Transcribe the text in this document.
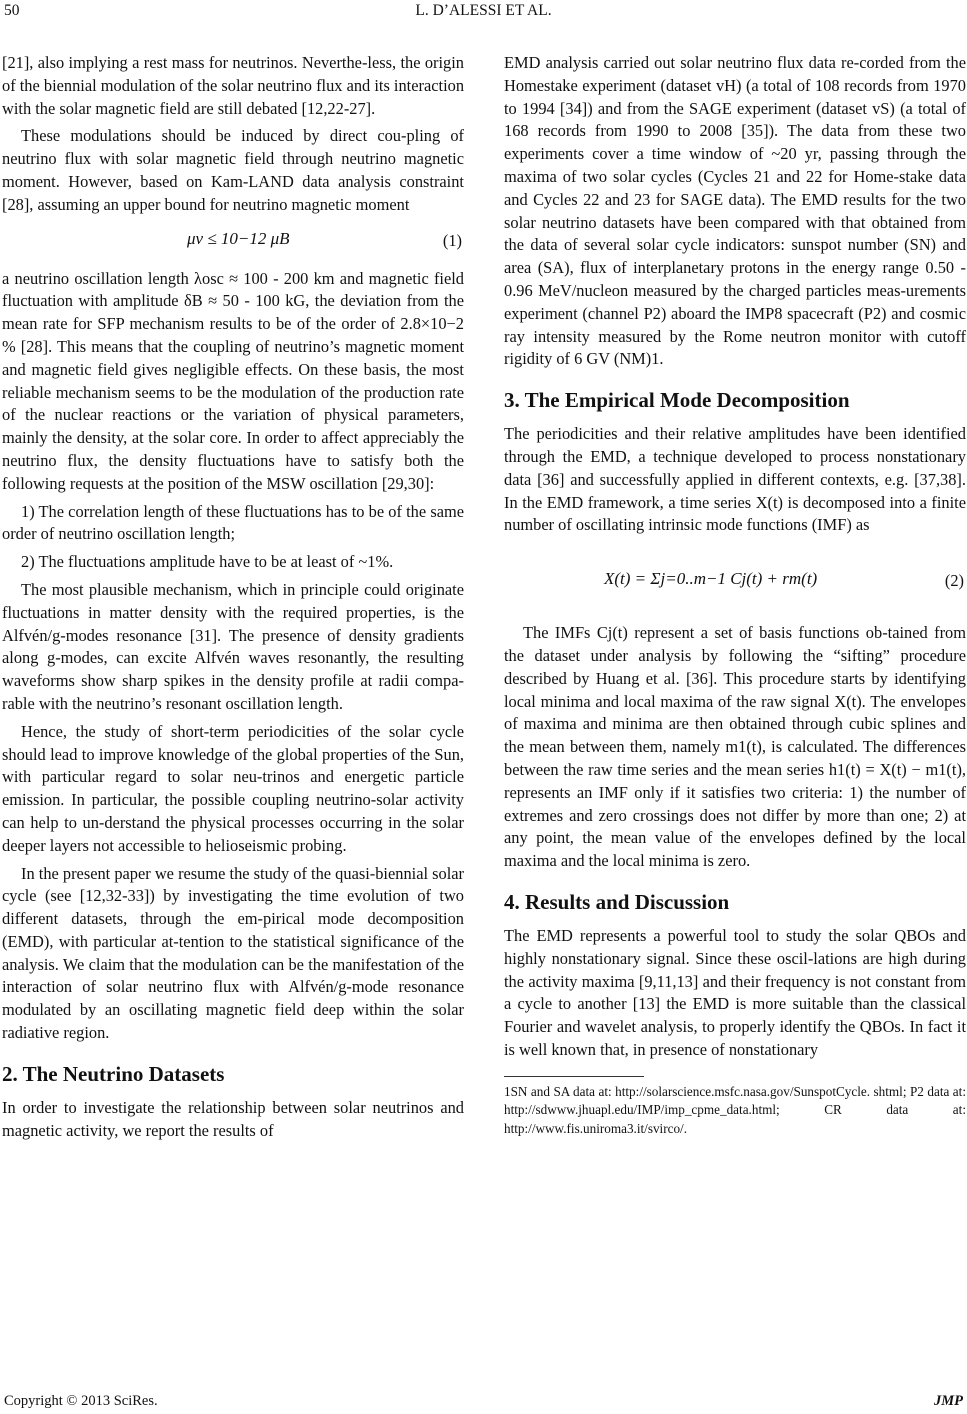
50	L. D’ALESSI ET AL.

[21], also implying a rest mass for neutrinos. Neverthe-less, the origin of the biennial modulation of the solar neutrino flux and its interaction with the solar magnetic field are still debated [12,22-27].

These modulations should be induced by direct cou-pling of neutrino flux with solar magnetic field through neutrino magnetic moment. However, based on Kam-LAND data analysis constraint [28], assuming an upper bound for neutrino magnetic moment

μν ≤ 10−12 μB	(1)

a neutrino oscillation length λosc ≈ 100 - 200 km and magnetic field fluctuation with amplitude δB ≈ 50 - 100 kG, the deviation from the mean rate for SFP mechanism results to be of the order of 2.8×10−2 % [28]. This means that the coupling of neutrino’s magnetic moment and magnetic field gives negligible effects. On these basis, the most reliable mechanism seems to be the modulation of the production rate of the nuclear reactions or the variation of physical parameters, mainly the density, at the solar core. In order to affect appreciably the neutrino flux, the density fluctuations have to satisfy both the following requests at the position of the MSW oscillation [29,30]:

1) The correlation length of these fluctuations has to be of the same order of neutrino oscillation length;

2) The fluctuations amplitude have to be at least of ~1%.

The most plausible mechanism, which in principle could originate fluctuations in matter density with the required properties, is the Alfvén/g-modes resonance [31]. The presence of density gradients along g-modes, can excite Alfvén waves resonantly, the resulting waveforms show sharp spikes in the density profile at radii compa-rable with the neutrino’s resonant oscillation length.

Hence, the study of short-term periodicities of the solar cycle should lead to improve knowledge of the global properties of the Sun, with particular regard to solar neu-trinos and energetic particle emission. In particular, the possible coupling neutrino-solar activity can help to un-derstand the physical processes occurring in the solar deeper layers not accessible to helioseismic probing.

In the present paper we resume the study of the quasi-biennial solar cycle (see [12,32-33]) by investigating the time evolution of two different datasets, through the em-pirical mode decomposition (EMD), with particular at-tention to the statistical significance of the analysis. We claim that the modulation can be the manifestation of the interaction of solar neutrino flux with Alfvén/g-mode resonance modulated by an oscillating magnetic field deep within the solar radiative region.

2. The Neutrino Datasets

In order to investigate the relationship between solar neutrinos and magnetic activity, we report the results of

EMD analysis carried out solar neutrino flux data re-corded from the Homestake experiment (dataset vH) (a total of 108 records from 1970 to 1994 [34]) and from the SAGE experiment (dataset vS) (a total of 168 records from 1990 to 2008 [35]). The data from these two experiments cover a time window of ~20 yr, passing through the maxima of two solar cycles (Cycles 21 and 22 for Home-stake data and Cycles 22 and 23 for SAGE data). The EMD results for the two solar neutrino datasets have been compared with that obtained from the data of several solar cycle indicators: sunspot number (SN) and area (SA), flux of interplanetary protons in the energy range 0.50 - 0.96 MeV/nucleon measured by the charged particles meas-urements experiment (channel P2) aboard the IMP8 spacecraft (P2) and cosmic ray intensity measured by the Rome neutron monitor with cutoff rigidity of 6 GV (NM)1.

3. The Empirical Mode Decomposition

The periodicities and their relative amplitudes have been identified through the EMD, a technique developed to process nonstationary data [36] and successfully applied in different contexts, e.g. [37,38]. In the EMD framework, a time series X(t) is decomposed into a finite number of oscillating intrinsic mode functions (IMF) as

X(t) = Σj=0..m−1 Cj(t) + rm(t)	(2)

The IMFs Cj(t) represent a set of basis functions ob-tained from the dataset under analysis by following the “sifting” procedure described by Huang et al. [36]. This procedure starts by identifying local minima and local maxima of the raw signal X(t). The envelopes of maxima and minima are then obtained through cubic splines and the mean between them, namely m1(t), is calculated. The differences between the raw time series and the mean series h1(t) = X(t) − m1(t), represents an IMF only if it satisfies two criteria: 1) the number of extremes and zero crossings does not differ by more than one; 2) at any point, the mean value of the envelopes defined by the local maxima and the local minima is zero.

4. Results and Discussion

The EMD represents a powerful tool to study the solar QBOs and highly nonstationary signal. Since these oscil-lations are high during the activity maxima [9,11,13] and their frequency is not constant from a cycle to another [13] the EMD is more suitable than the classical Fourier and wavelet analysis, to properly identify the QBOs. In fact it is well known that, in presence of nonstationary

1SN and SA data at: http://solarscience.msfc.nasa.gov/SunspotCycle. shtml; P2 data at: http://sdwww.jhuapl.edu/IMP/imp_cpme_data.html; CR data at: http://www.fis.uniroma3.it/svirco/.

Copyright © 2013 SciRes.	JMP
